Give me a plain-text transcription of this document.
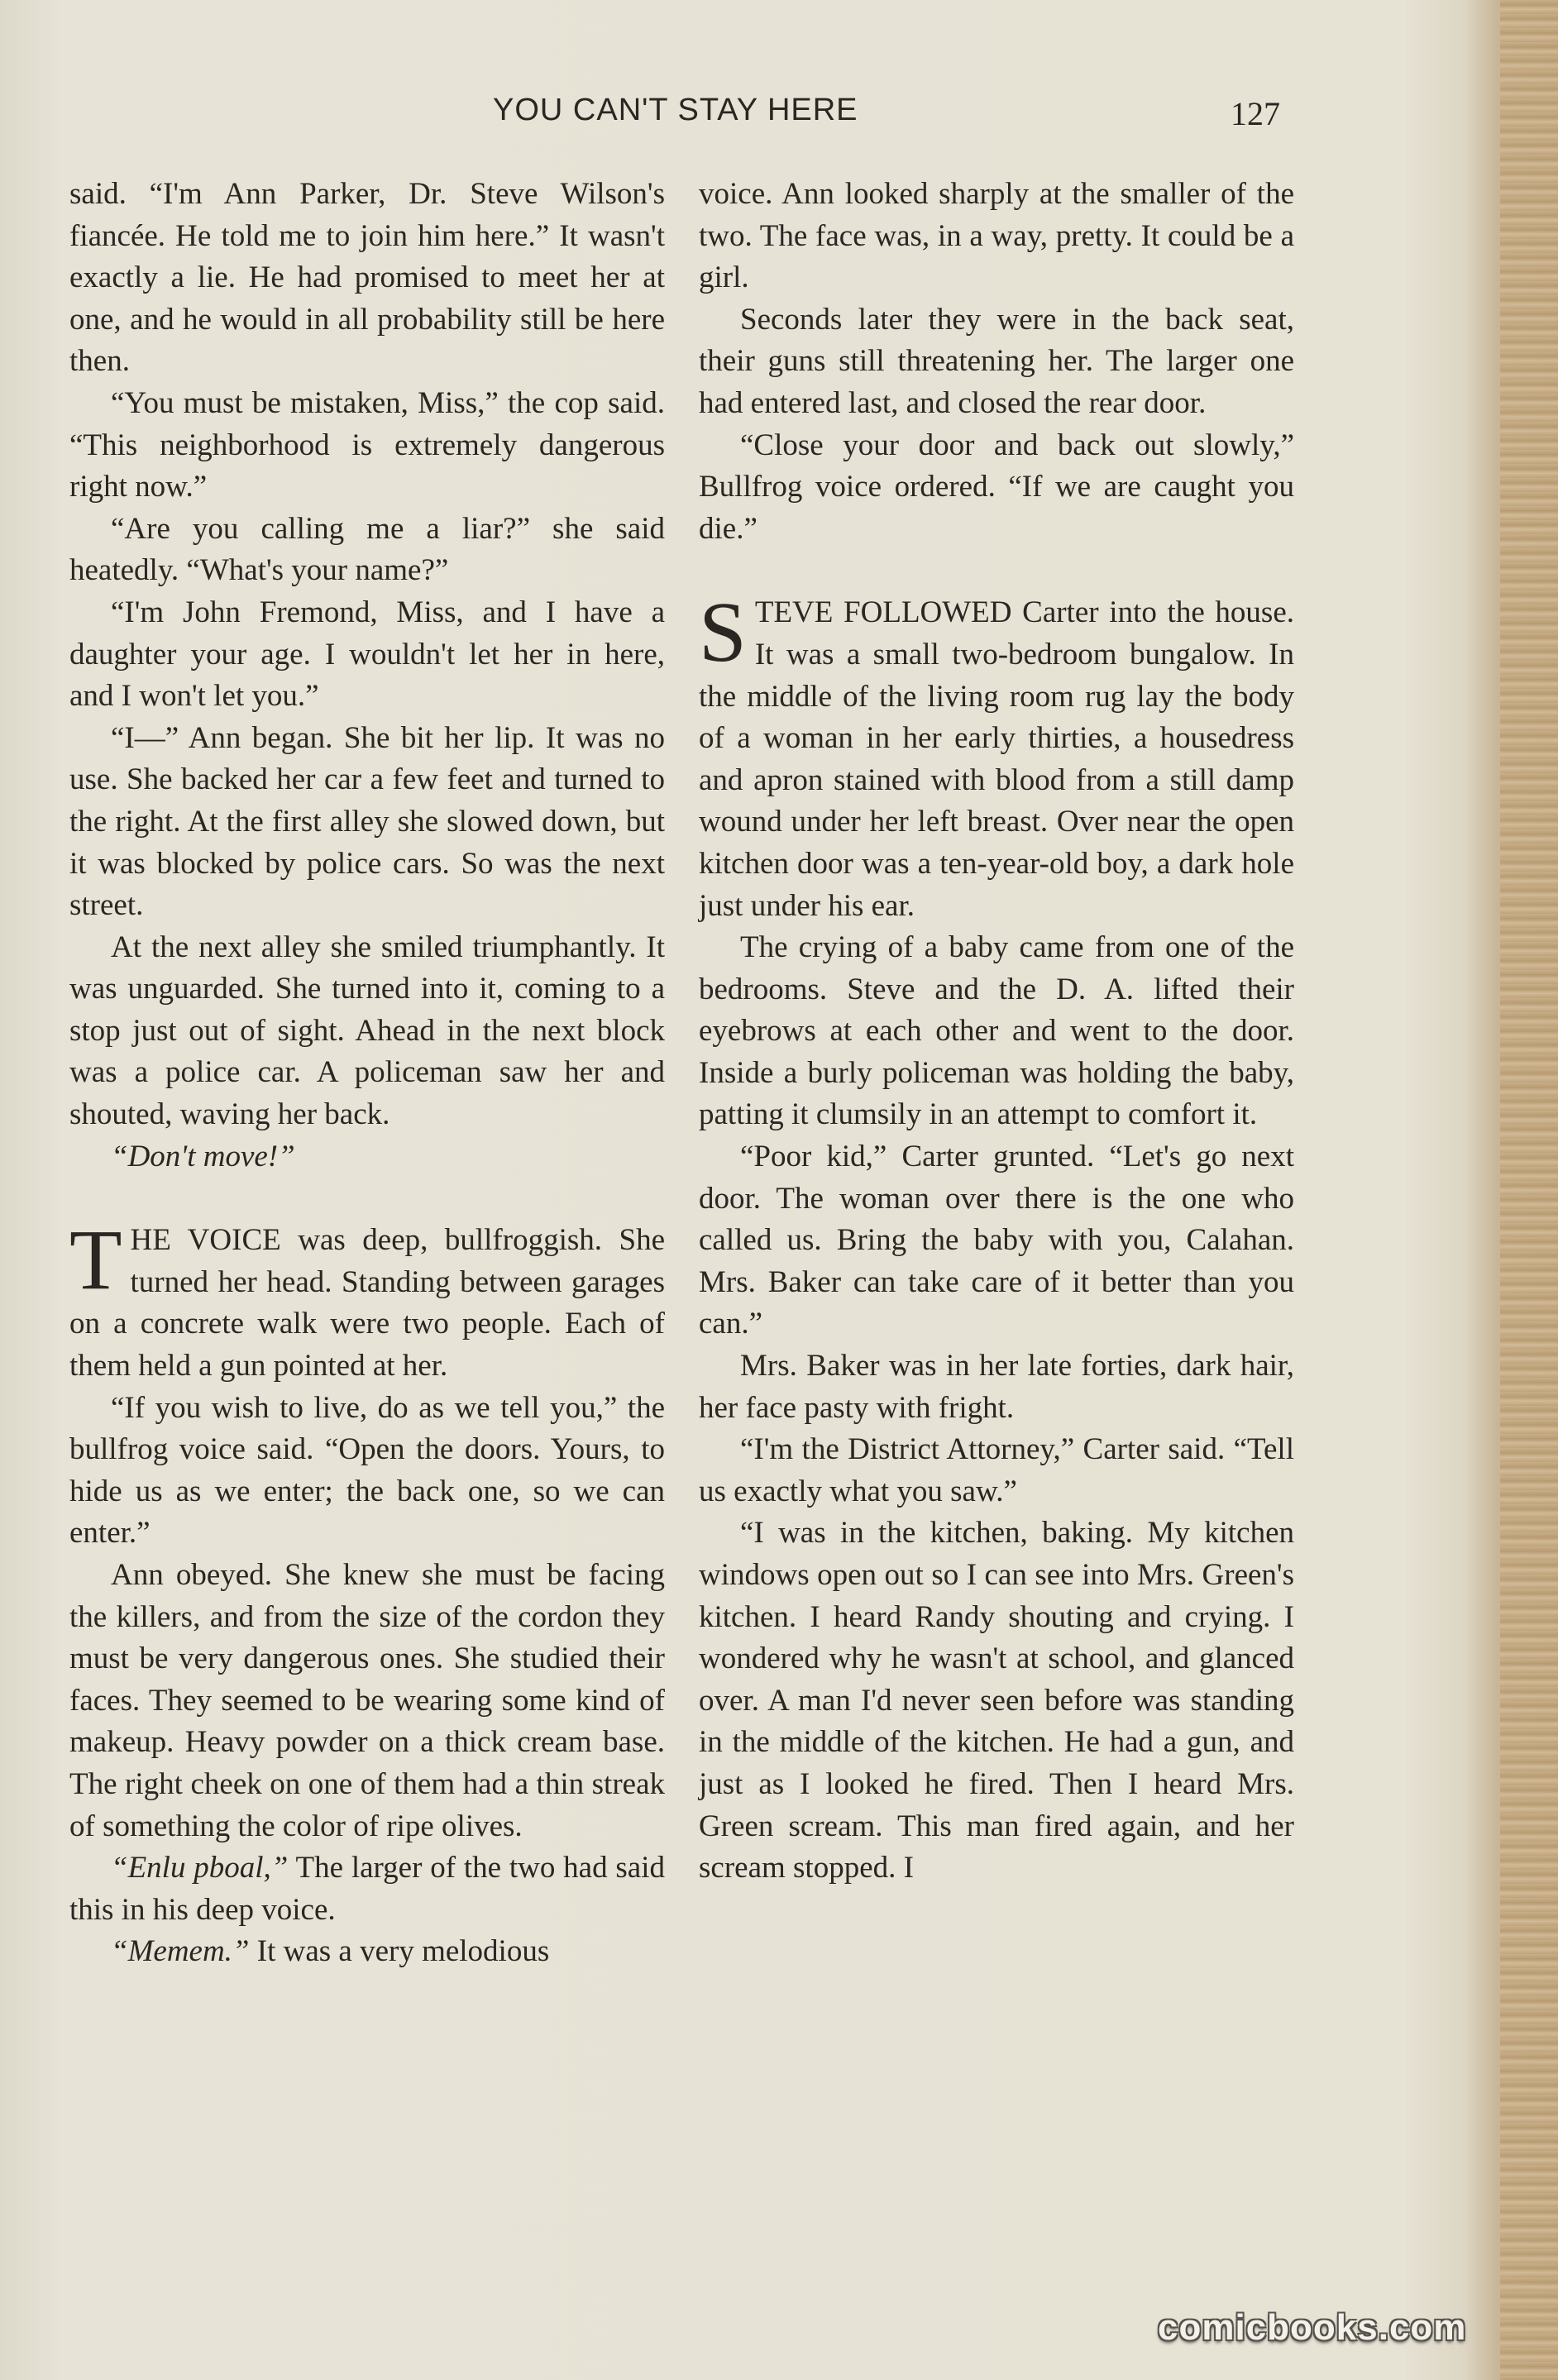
YOU CAN'T STAY HERE	127

said. “I'm Ann Parker, Dr. Steve Wilson's fiancée. He told me to join him here.” It wasn't exactly a lie. He had promised to meet her at one, and he would in all probability still be here then.

“You must be mistaken, Miss,” the cop said. “This neighborhood is extremely dangerous right now.”

“Are you calling me a liar?” she said heatedly. “What's your name?”

“I'm John Fremond, Miss, and I have a daughter your age. I wouldn't let her in here, and I won't let you.”

“I—” Ann began. She bit her lip. It was no use. She backed her car a few feet and turned to the right. At the first alley she slowed down, but it was blocked by police cars. So was the next street.

At the next alley she smiled triumphantly. It was unguarded. She turned into it, coming to a stop just out of sight. Ahead in the next block was a police car. A policeman saw her and shouted, waving her back.

“Don't move!”

THE VOICE was deep, bullfroggish. She turned her head. Standing between garages on a concrete walk were two people. Each of them held a gun pointed at her.

“If you wish to live, do as we tell you,” the bullfrog voice said. “Open the doors. Yours, to hide us as we enter; the back one, so we can enter.”

Ann obeyed. She knew she must be facing the killers, and from the size of the cordon they must be very dangerous ones. She studied their faces. They seemed to be wearing some kind of makeup. Heavy powder on a thick cream base. The right cheek on one of them had a thin streak of something the color of ripe olives.

“Enlu pboal,” The larger of the two had said this in his deep voice.

“Memem.” It was a very melodious

voice. Ann looked sharply at the smaller of the two. The face was, in a way, pretty. It could be a girl.

Seconds later they were in the back seat, their guns still threatening her. The larger one had entered last, and closed the rear door.

“Close your door and back out slowly,” Bullfrog voice ordered. “If we are caught you die.”

STEVE FOLLOWED Carter into the house. It was a small two-bedroom bungalow. In the middle of the living room rug lay the body of a woman in her early thirties, a housedress and apron stained with blood from a still damp wound under her left breast. Over near the open kitchen door was a ten-year-old boy, a dark hole just under his ear.

The crying of a baby came from one of the bedrooms. Steve and the D. A. lifted their eyebrows at each other and went to the door. Inside a burly policeman was holding the baby, patting it clumsily in an attempt to comfort it.

“Poor kid,” Carter grunted. “Let's go next door. The woman over there is the one who called us. Bring the baby with you, Calahan. Mrs. Baker can take care of it better than you can.”

Mrs. Baker was in her late forties, dark hair, her face pasty with fright.

“I'm the District Attorney,” Carter said. “Tell us exactly what you saw.”

“I was in the kitchen, baking. My kitchen windows open out so I can see into Mrs. Green's kitchen. I heard Randy shouting and crying. I wondered why he wasn't at school, and glanced over. A man I'd never seen before was standing in the middle of the kitchen. He had a gun, and just as I looked he fired. Then I heard Mrs. Green scream. This man fired again, and her scream stopped. I

comicbooks.com
